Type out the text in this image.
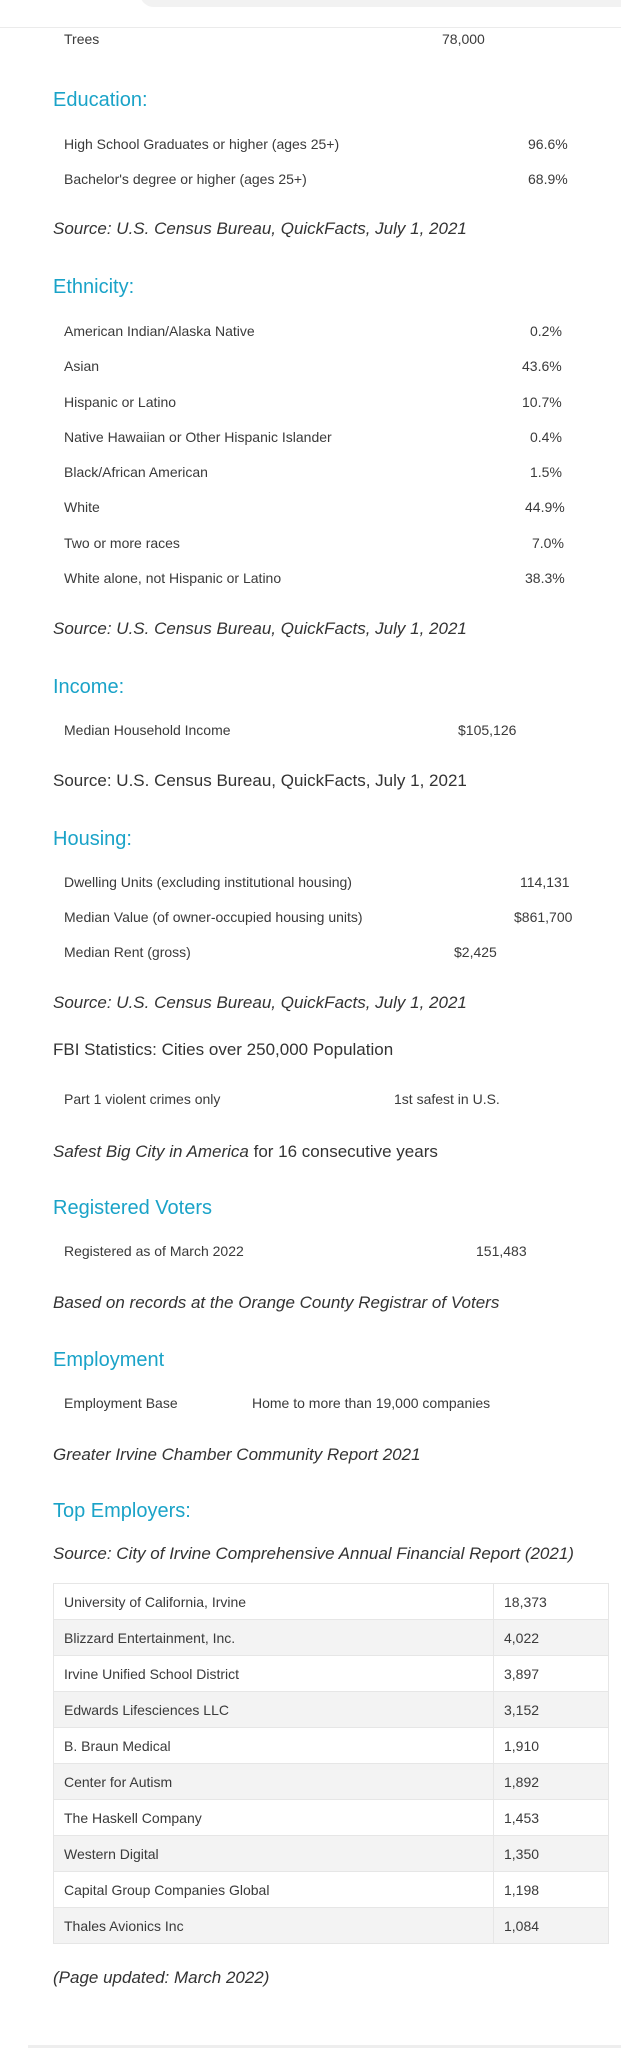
Trees	78,000
Education:
High School Graduates or higher (ages 25+)	96.6%
Bachelor's degree or higher (ages 25+)	68.9%
Source: U.S. Census Bureau, QuickFacts, July 1, 2021
Ethnicity:
American Indian/Alaska Native	0.2%
Asian	43.6%
Hispanic or Latino	10.7%
Native Hawaiian or Other Hispanic Islander	0.4%
Black/African American	1.5%
White	44.9%
Two or more races	7.0%
White alone, not Hispanic or Latino	38.3%
Source: U.S. Census Bureau, QuickFacts, July 1, 2021
Income:
Median Household Income	$105,126
Source: U.S. Census Bureau, QuickFacts, July 1, 2021
Housing:
Dwelling Units (excluding institutional housing)	114,131
Median Value (of owner-occupied housing units)	$861,700
Median Rent (gross)	$2,425
Source: U.S. Census Bureau, QuickFacts, July 1, 2021
FBI Statistics: Cities over 250,000 Population
Part 1 violent crimes only	1st safest in U.S.
Safest Big City in America for 16 consecutive years
Registered Voters
Registered as of March 2022	151,483
Based on records at the Orange County Registrar of Voters
Employment
Employment Base	Home to more than 19,000 companies
Greater Irvine Chamber Community Report 2021
Top Employers:
Source: City of Irvine Comprehensive Annual Financial Report (2021)
University of California, Irvine	18,373
Blizzard Entertainment, Inc.	4,022
Irvine Unified School District	3,897
Edwards Lifesciences LLC	3,152
B. Braun Medical	1,910
Center for Autism	1,892
The Haskell Company	1,453
Western Digital	1,350
Capital Group Companies Global	1,198
Thales Avionics Inc	1,084
(Page updated: March 2022)
